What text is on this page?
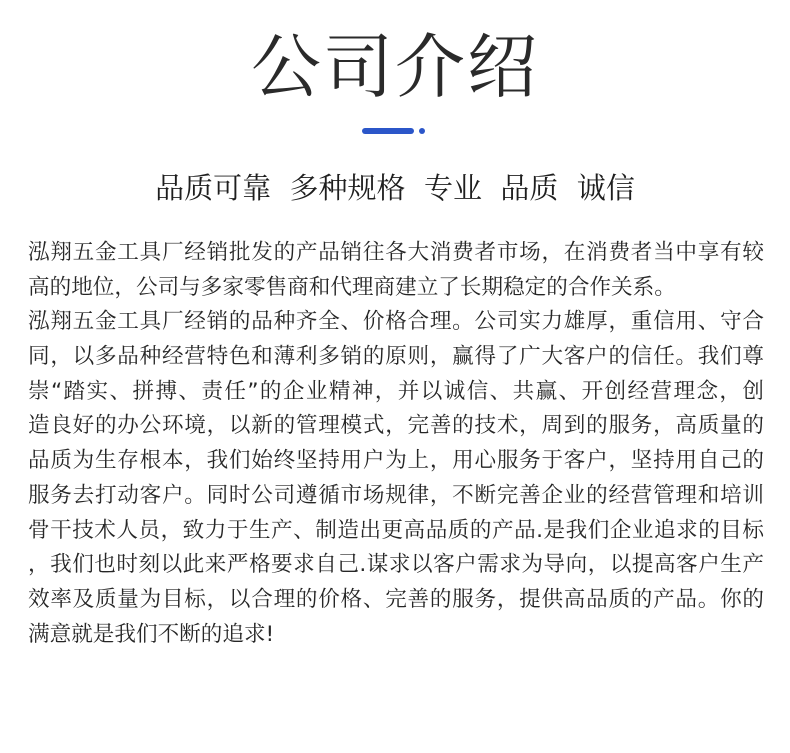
公司介绍
品质可靠  多种规格  专业  品质  诚信
泓翔五金工具厂经销批发的产品销往各大消费者市场，在消费者当中享有较
高的地位，公司与多家零售商和代理商建立了长期稳定的合作关系。
泓翔五金工具厂经销的品种齐全、价格合理。公司实力雄厚，重信用、守合
同，以多品种经营特色和薄利多销的原则，赢得了广大客户的信任。我们尊
崇“踏实、拼搏、责任”的企业精神，并以诚信、共赢、开创经营理念，创
造良好的办公环境，以新的管理模式，完善的技术，周到的服务，高质量的
品质为生存根本，我们始终坚持用户为上，用心服务于客户，坚持用自己的
服务去打动客户。同时公司遵循市场规律，不断完善企业的经营管理和培训
骨干技术人员，致力于生产、制造出更高品质的产品.是我们企业追求的目标
，我们也时刻以此来严格要求自己.谋求以客户需求为导向，以提高客户生产
效率及质量为目标，以合理的价格、完善的服务，提供高品质的产品。你的
满意就是我们不断的追求!
